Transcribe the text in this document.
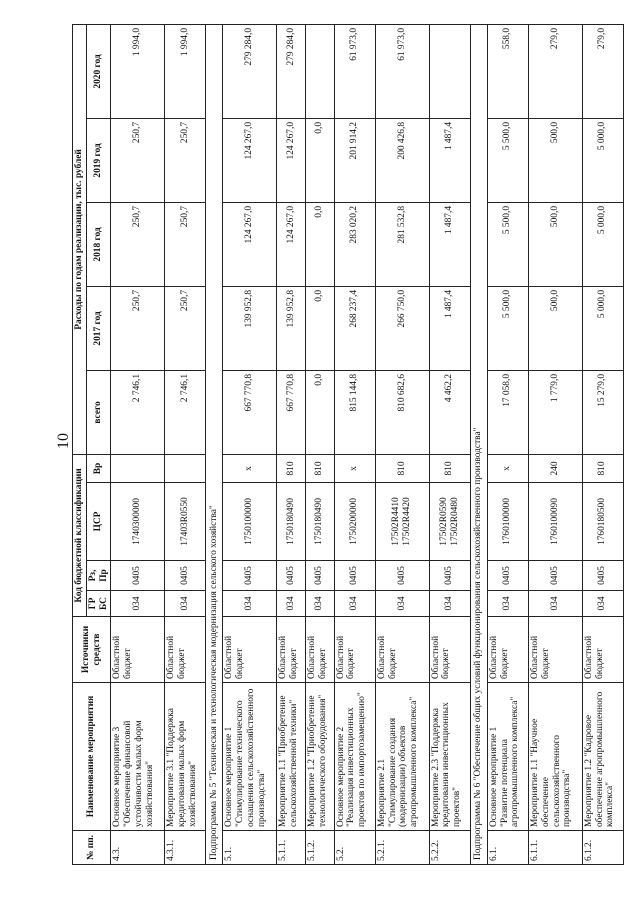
10
№ пп.	Наименование мероприятия	Источники средств	Код бюджетной классификации				Расходы по годам реализации, тыс. рублей				
			ГР БС	Рз, Пр	ЦСР	Вр	всего	2017 год	2018 год	2019 год	2020 год
4.3.	Основное мероприятие 3 "Обеспечение финансовой устойчивости малых форм хозяйствования"	Областной бюджет	034	0405	1740300000		2 746,1	250,7	250,7	250,7	1 994,0
4.3.1.	Мероприятие 3.1 "Поддержка кредитования малых форм хозяйствования"	Областной бюджет	034	0405	17403R0550		2 746,1	250,7	250,7	250,7	1 994,0
Подпрограмма № 5 "Техническая и технологическая модернизация сельского хозяйства"											
5.1.	Основное мероприятие 1 "Стимулирование технического оснащения сельскохозяйственного производства"	Областной бюджет	034	0405	1750100000	х	667 770,8	139 952,8	124 267,0	124 267,0	279 284,0
5.1.1.	Мероприятие 1.1 "Приобретение сельскохозяйственной техники"	Областной бюджет	034	0405	1750180490	810	667 770,8	139 952,8	124 267,0	124 267,0	279 284,0
5.1.2.	Мероприятие 1.2 "Приобретение технологического оборудования"	Областной бюджет	034	0405	1750180490	810	0,0	0,0	0,0	0,0	
5.2.	Основное мероприятие 2 "Реализация инвестиционных проектов по импортозамещению"	Областной бюджет	034	0405	1750200000	х	815 144,8	268 237,4	283 020,2	201 914,2	61 973,0
5.2.1.	Мероприятие 2.1 "Стимулирование создания (модернизации) объектов агропромышленного комплекса"	Областной бюджет	034	0405	17502R4410 17502R4420	810	810 682,6	266 750,0	281 532,8	200 426,8	61 973,0
5.2.2.	Мероприятие 2.3 "Поддержка кредитования инвестиционных проектов"	Областной бюджет	034	0405	17502R0590 17502R0480	810	4 462,2	1 487,4	1 487,4	1 487,4	
Подпрограмма № 6 "Обеспечение общих условий функционирования сельскохозяйственного производства"											
6.1.	Основное мероприятие 1 "Развитие потенциала агропромышленного комплекса"	Областной бюджет	034	0405	1760100000	х	17 058,0	5 500,0	5 500,0	5 500,0	558,0
6.1.1.	Мероприятие 1.1 "Научное обеспечение сельскохозяйственного производства"	Областной бюджет	034	0405	1760100090	240	1 779,0	500,0	500,0	500,0	279,0
6.1.2.	Мероприятие 1.2 "Кадровое обеспечение агропромышленного комплекса"	Областной бюджет	034	0405	1760180500	810	15 279,0	5 000,0	5 000,0	5 000,0	279,0
